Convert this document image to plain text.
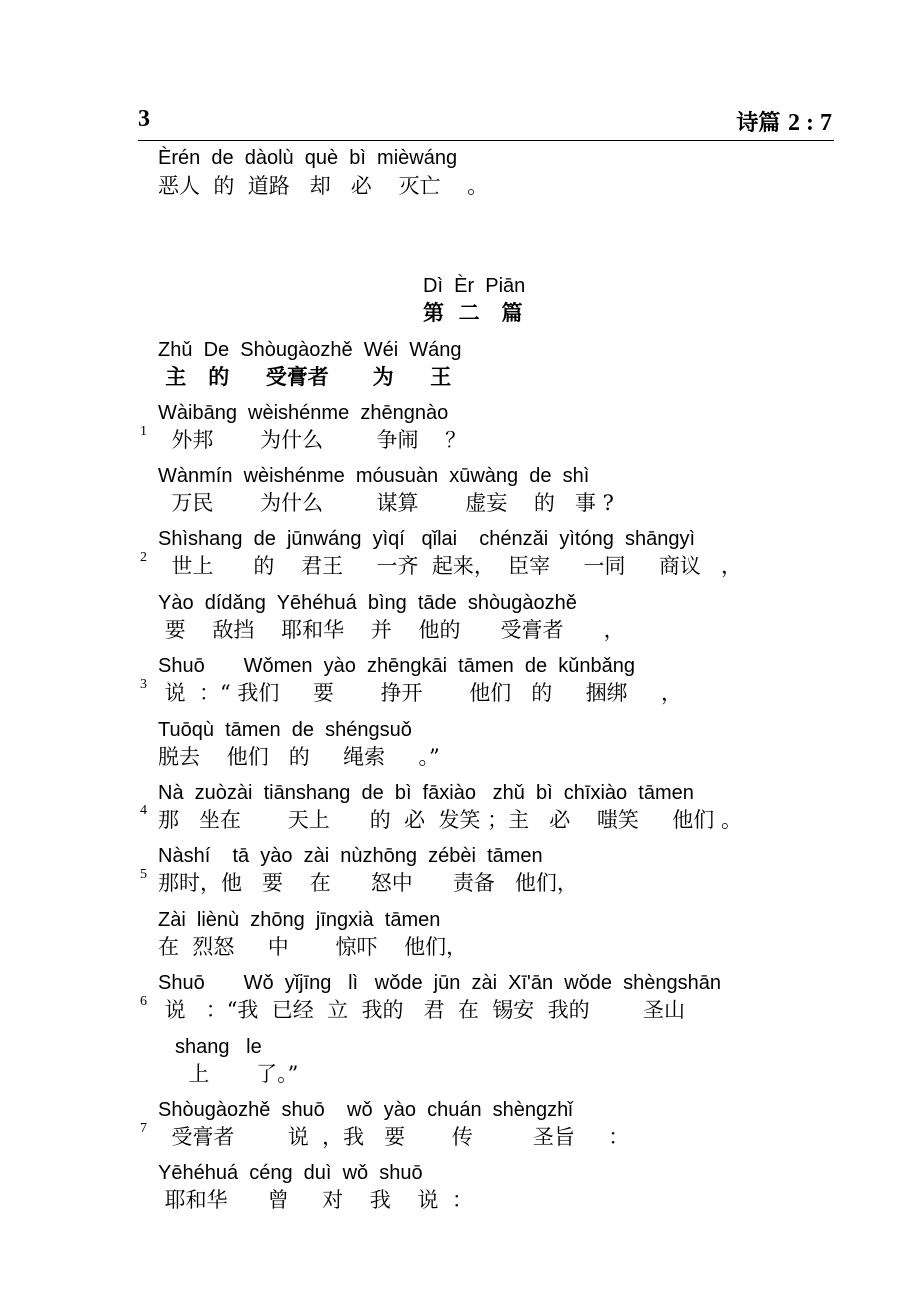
3	诗篇 2 : 7
Èrén  de  dàolù  què  bì  mièwáng
恶人  的  道路   却   必    灭亡    。
Dì  Èr  Piān
第  二   篇
Zhǔ  De  Shòugàozhě  Wéi  Wáng
主   的     受膏者      为     王
Wàibāng  wèishénme  zhēngnào
1 外邦       为什么        争闹    ？
Wànmín  wèishénme  móusuàn  xūwàng  de  shì
万民       为什么        谋算       虚妄    的   事 ?
Shìshang  de  jūnwáng  yìqí   qǐlai    chénzǎi  yìtóng  shāngyì
2 世上      的    君王     一齐  起来，  臣宰     一同     商议   ，
Yào  dídǎng  Yēhéhuá  bìng  tāde  shòugàozhě
要    敌挡    耶和华    并    他的      受膏者      ，
Shuō       Wǒmen  yào  zhēngkāi  tāmen  de  kǔnbǎng
3 说  ：“ 我们     要       挣开       他们   的     捆绑     ，
Tuōqù  tāmen  de  shéngsuǒ
脱去    他们   的     绳索     。”
Nà  zuòzài  tiānshang  de  bì  fāxiào   zhǔ  bì  chīxiào  tāmen
4 那   坐在       天上      的  必  发笑 ；主   必    嗤笑     他们 。
Nàshí    tā  yào  zài  nùzhōng  zébèi  tāmen
5 那时，他   要    在      怒中      责备   他们，
Zài  liènù  zhōng  jīngxià  tāmen
在  烈怒     中       惊吓    他们，
Shuō       Wǒ  yǐjīng   lì   wǒde  jūn  zài  Xī'ān  wǒde  shèngshān
6 说   ：“我  已经  立  我的   君  在  锡安  我的        圣山
shang   le
上       了。”
Shòugàozhě  shuō    wǒ  yào  chuán  shèngzhǐ
7 受膏者        说  ，我   要       传         圣旨     ：
Yēhéhuá  céng  duì  wǒ  shuō
耶和华      曾     对    我    说  ：
